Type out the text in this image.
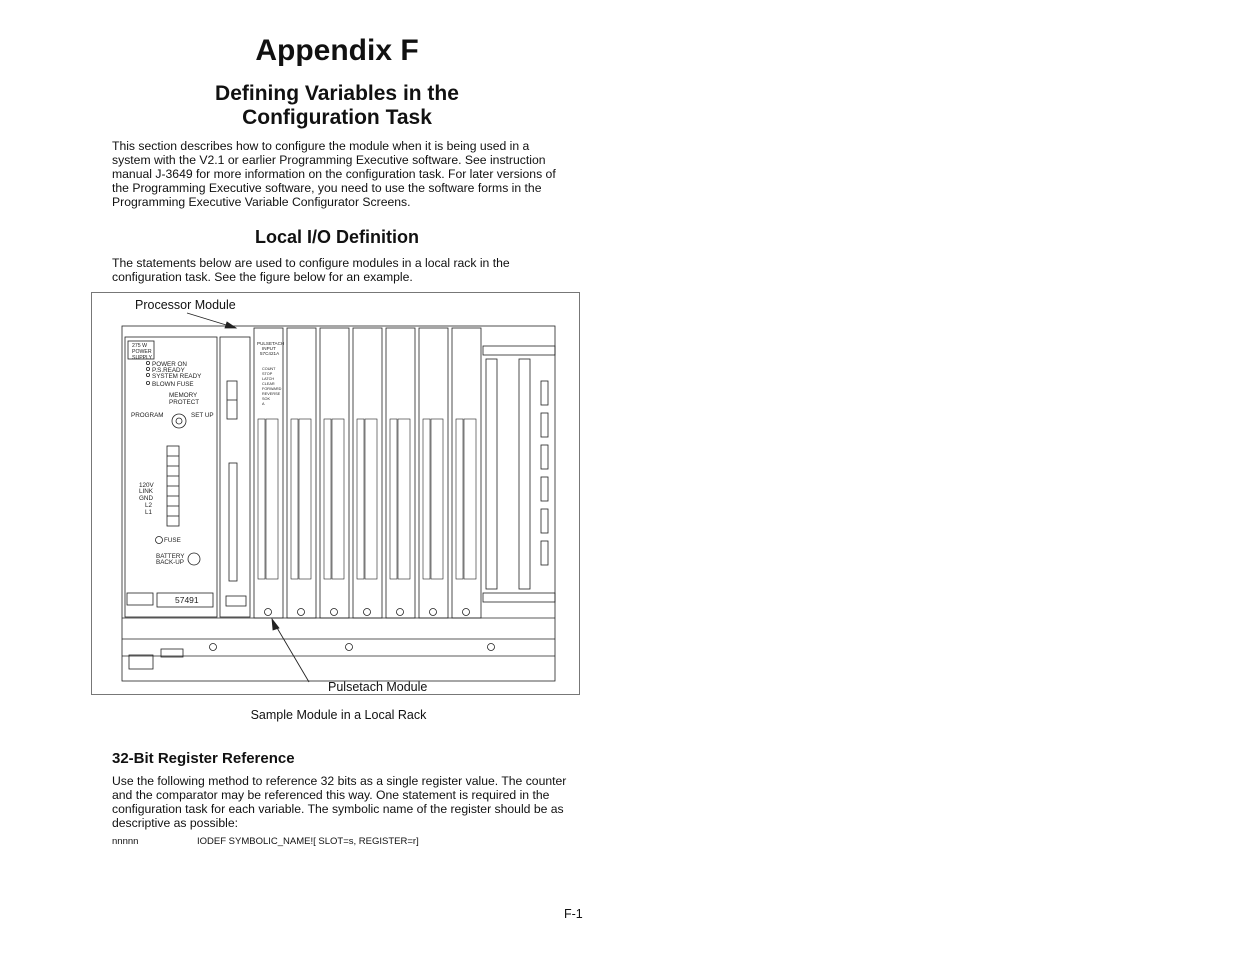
Appendix F
Defining Variables in the
Configuration Task

This section describes how to configure the module when it is being used in a system with the V2.1 or earlier Programming Executive software. See instruction manual J-3649 for more information on the configuration task. For later versions of the Programming Executive software, you need to use the software forms in the Programming Executive Variable Configurator Screens.

Local I/O Definition

The statements below are used to configure modules in a local rack in the configuration task. See the figure below for an example.

275 W
POWER
SUPPLY
POWER ON
P.S.READY
SYSTEM READY
BLOWN FUSE
MEMORY
PROTECT
PROGRAM	SET UP
120V
LINK
GND
L2
L1
FUSE
BATTERY
BACK-UP
57491
PULSETACH
INPUT
57C421A
COUNT
STOP
LATCH
CLEAR
FORWARD
REVERSE
SOK
A
Processor Module
Pulsetach Module
Sample Module in a Local Rack
32-Bit Register Reference

Use the following method to reference 32 bits as a single register value. The counter and the comparator may be referenced this way. One statement is required in the configuration task for each variable. The symbolic name of the register should be as descriptive as possible:

nnnnn	IODEF SYMBOLIC_NAME![ SLOT=s, REGISTER=r]
F-1
